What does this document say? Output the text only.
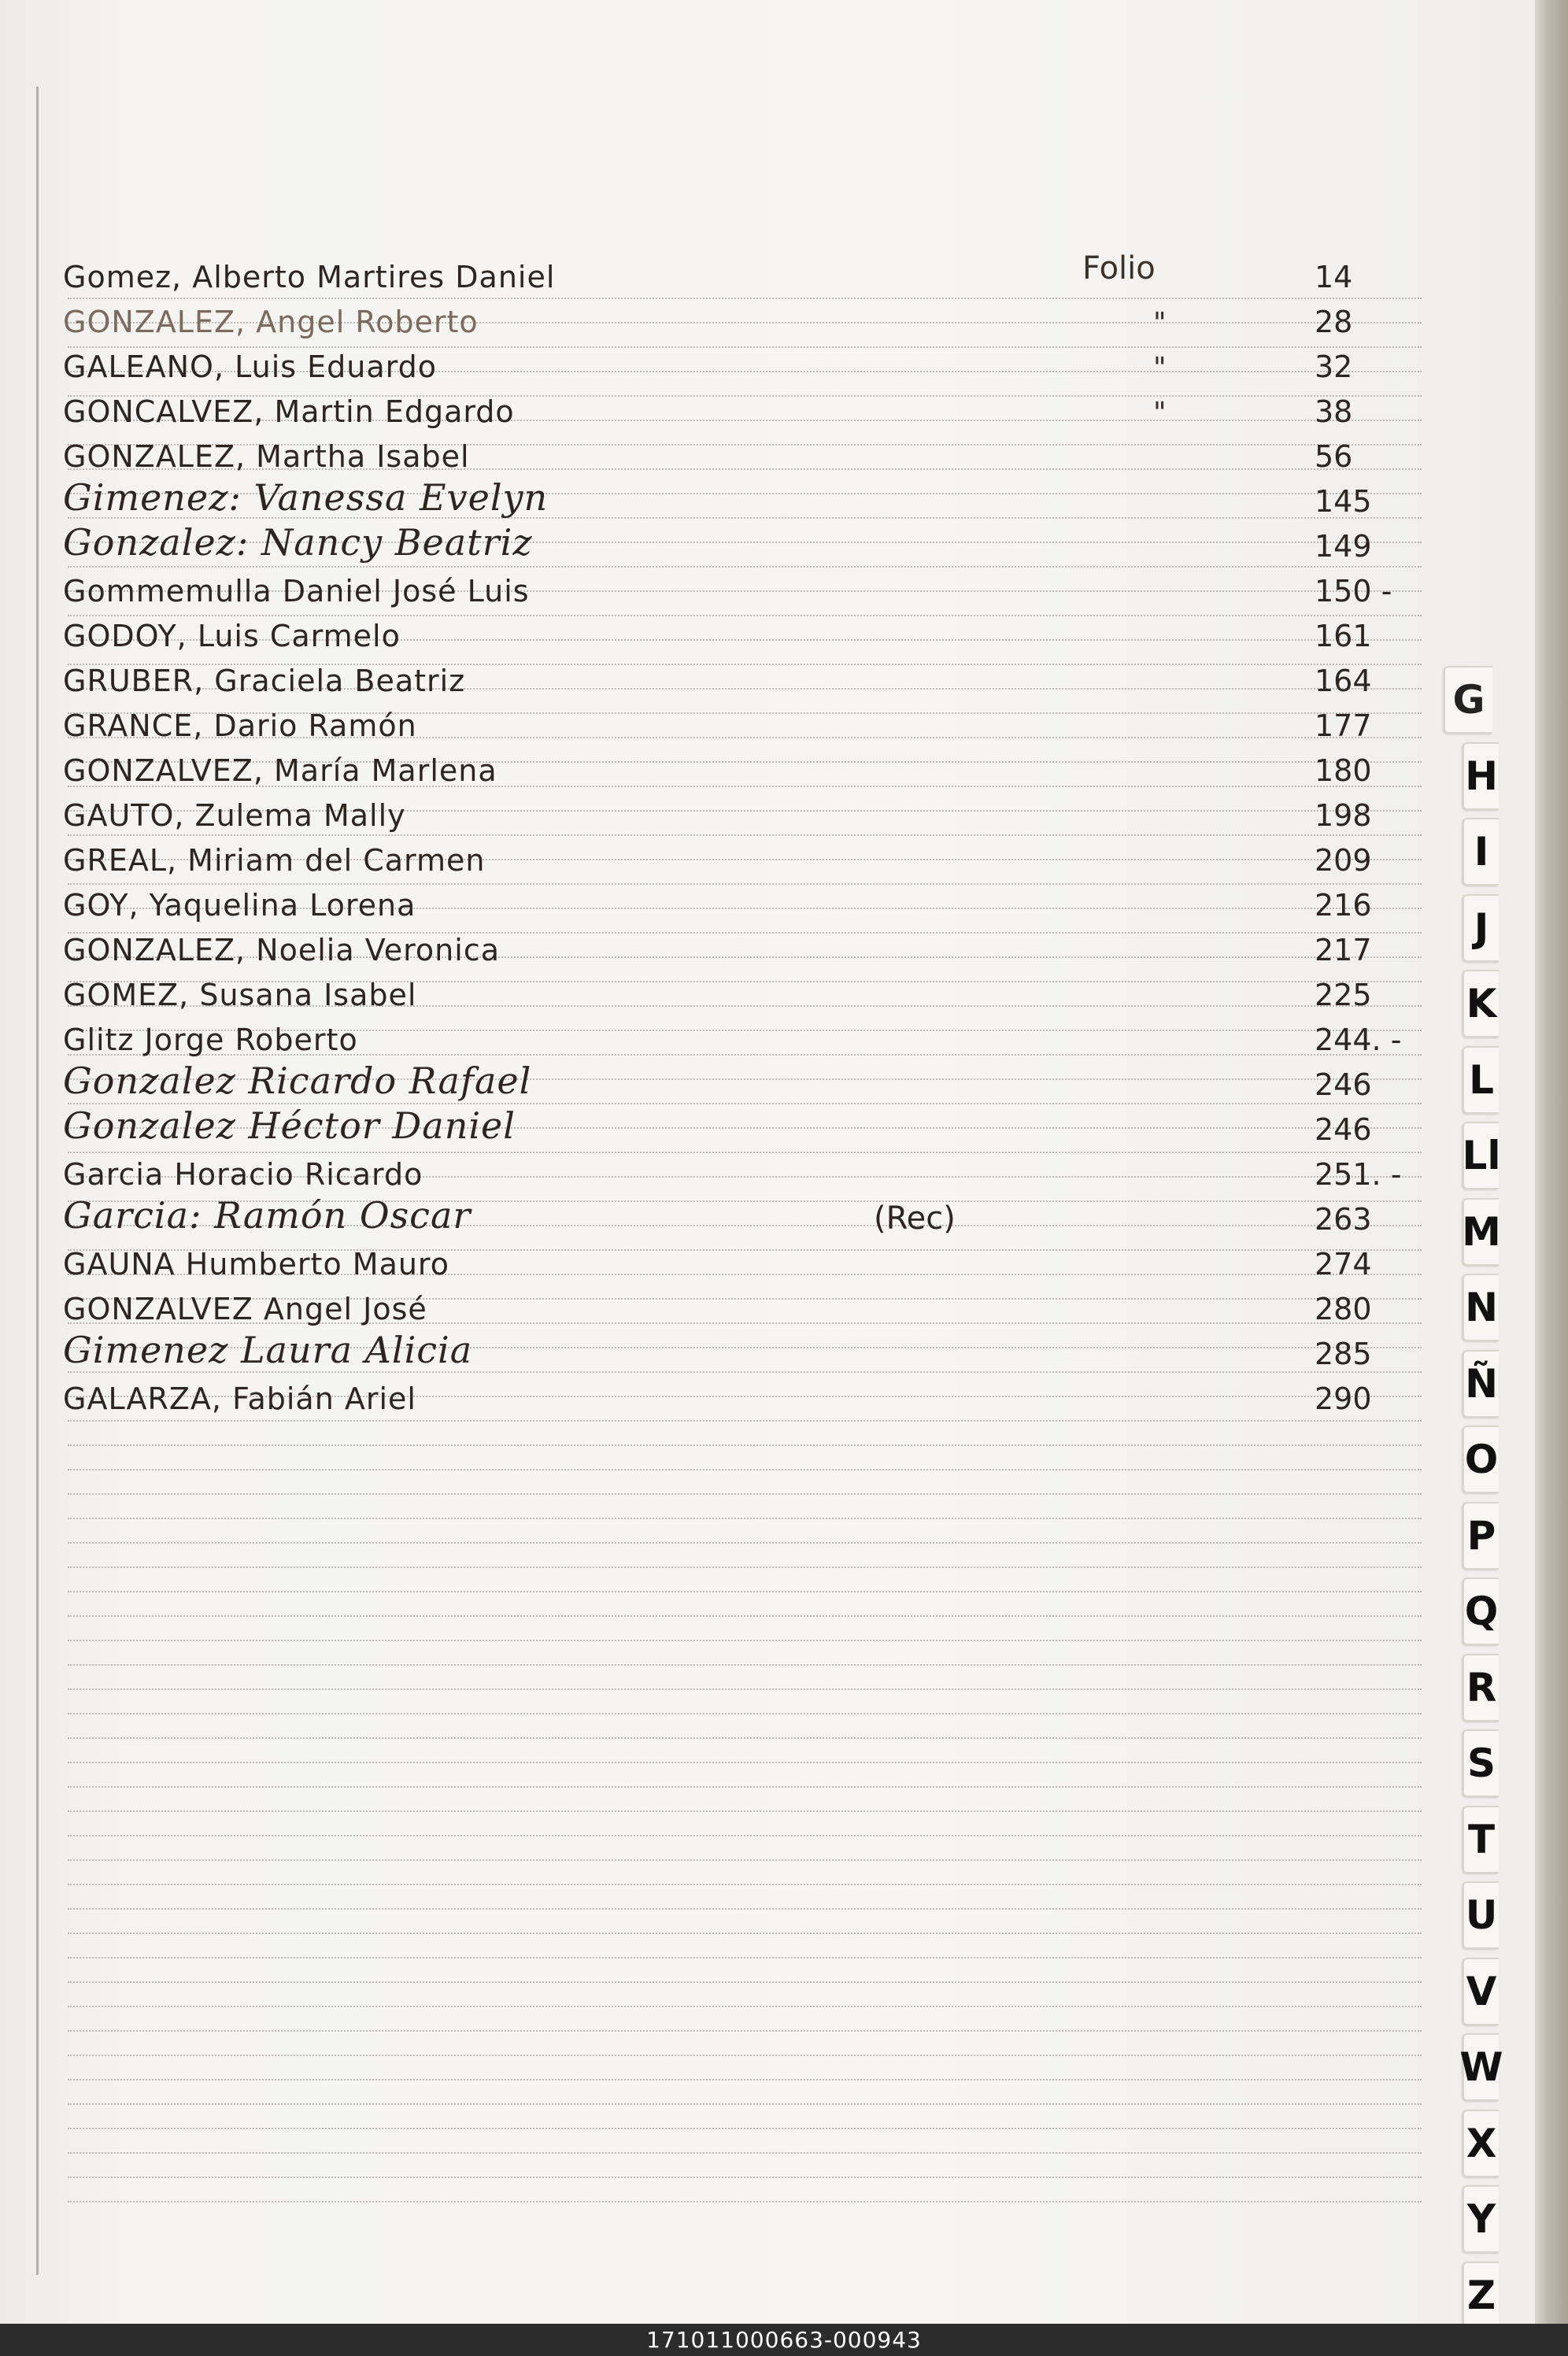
Folio
Gomez, Alberto Martires Daniel	14
GONZALEZ, Angel Roberto	"	28
GALEANO, Luis Eduardo	"	32
GONCALVEZ, Martin Edgardo	"	38
GONZALEZ, Martha Isabel	56
Gimenez: Vanessa Evelyn	145
Gonzalez: Nancy Beatriz	149
Gommemulla Daniel José Luis	150 -
GODOY, Luis Carmelo	161
GRUBER, Graciela Beatriz	164
GRANCE, Dario Ramón	177
GONZALVEZ, María Marlena	180
GAUTO, Zulema Mally	198
GREAL, Miriam del Carmen	209
GOY, Yaquelina Lorena	216
GONZALEZ, Noelia Veronica	217
GOMEZ, Susana Isabel	225
Glitz Jorge Roberto	244. -
Gonzalez Ricardo Rafael	246
Gonzalez Héctor Daniel	246
Garcia Horacio Ricardo	251. -
Garcia: Ramón Oscar	(Rec)	263
GAUNA Humberto Mauro	274
GONZALVEZ Angel José	280
Gimenez Laura Alicia	285
GALARZA, Fabián Ariel	290
G
H
I
J
K
L
Ll
M
N
Ñ
O
P
Q
R
S
T
U
V
W
X
Y
Z
171011000663-000943
